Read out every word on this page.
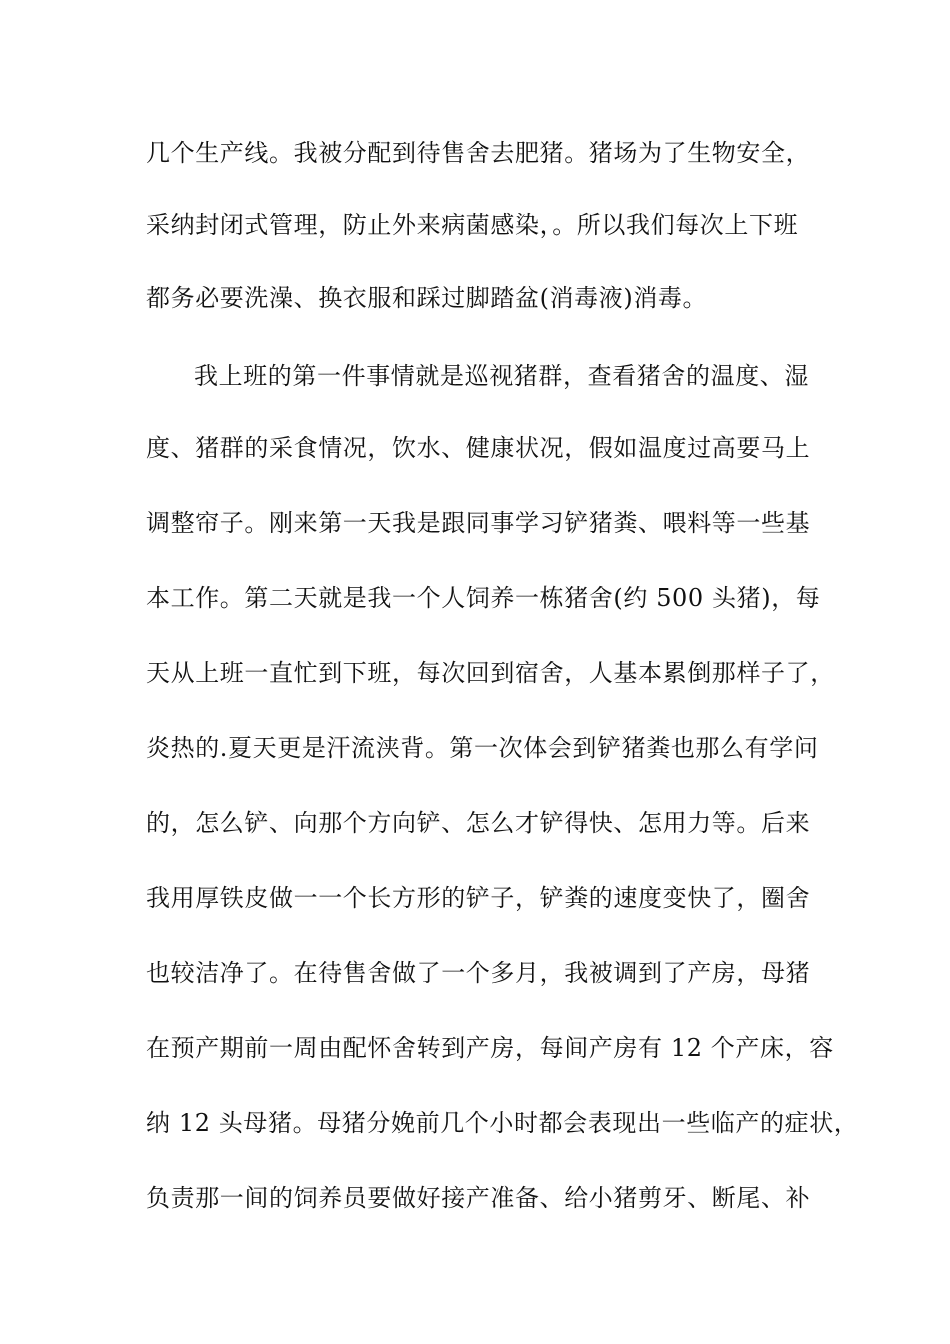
几个生产线。我被分配到待售舍去肥猪。猪场为了生物安全，
采纳封闭式管理，防止外来病菌感染，。所以我们每次上下班
都务必要洗澡、换衣服和踩过脚踏盆(消毒液)消毒。
我上班的第一件事情就是巡视猪群，查看猪舍的温度、湿
度、猪群的采食情况，饮水、健康状况，假如温度过高要马上
调整帘子。刚来第一天我是跟同事学习铲猪粪、喂料等一些基
本工作。第二天就是我一个人饲养一栋猪舍(约 500 头猪)，每
天从上班一直忙到下班，每次回到宿舍，人基本累倒那样子了，
炎热的.夏天更是汗流浃背。第一次体会到铲猪粪也那么有学问
的，怎么铲、向那个方向铲、怎么才铲得快、怎用力等。后来
我用厚铁皮做一一个长方形的铲子，铲粪的速度变快了，圈舍
也较洁净了。在待售舍做了一个多月，我被调到了产房，母猪
在预产期前一周由配怀舍转到产房，每间产房有 12 个产床，容
纳 12 头母猪。母猪分娩前几个小时都会表现出一些临产的症状，
负责那一间的饲养员要做好接产准备、给小猪剪牙、断尾、补
